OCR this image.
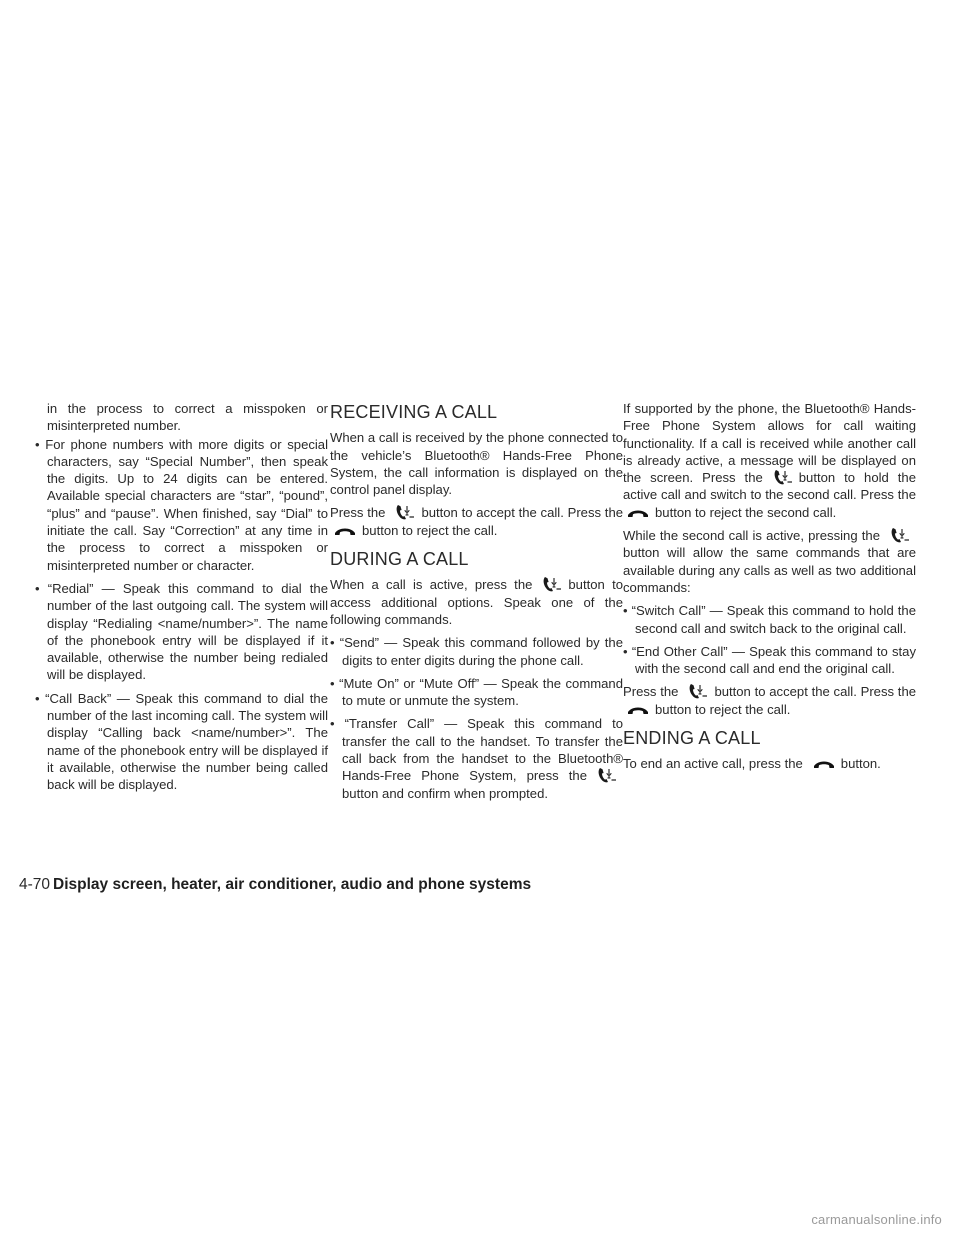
in the process to correct a misspoken or misinterpreted number.

• For phone numbers with more digits or special characters, say “Special Number”, then speak the digits. Up to 24 digits can be entered. Available special characters are “star”, “pound”, “plus” and “pause”. When finished, say “Dial” to initiate the call. Say “Correction” at any time in the process to correct a misspoken or misinterpreted number or character.

• “Redial” — Speak this command to dial the number of the last outgoing call. The system will display “Redialing <name/number>”. The name of the phonebook entry will be displayed if it available, otherwise the number being redialed will be displayed.

• “Call Back” — Speak this command to dial the number of the last incoming call. The system will display “Calling back <name/number>”. The name of the phonebook entry will be displayed if it available, otherwise the number being called back will be displayed.

RECEIVING A CALL

When a call is received by the phone connected to the vehicle’s Bluetooth® Hands-Free Phone System, the call information is displayed on the control panel display.

Press the	button to accept the call. Press the
button to reject the call.

DURING A CALL

When a call is active, press the	button to access additional options. Speak one of the following commands.

• “Send” — Speak this command followed by the digits to enter digits during the phone call.

• “Mute On” or “Mute Off” — Speak the command to mute or unmute the system.

• “Transfer Call” — Speak this command to transfer the call to the handset. To transfer the call back from the handset to the Bluetooth® Hands-Free Phone System, press the
button and confirm when prompted.

If supported by the phone, the Bluetooth® Hands-Free Phone System allows for call waiting functionality. If a call is received while another call is already active, a message will be displayed on the screen. Press the	button to hold the active call and switch to the second call. Press the
button to reject the second call.

While the second call is active, pressing the
button will allow the same commands that are available during any calls as well as two additional commands:

• “Switch Call” — Speak this command to hold the second call and switch back to the original call.

• “End Other Call” — Speak this command to stay with the second call and end the original call.

Press the	button to accept the call. Press the
button to reject the call.

ENDING A CALL

To end an active call, press the	button.

4-70 Display screen, heater, air conditioner, audio and phone systems
carmanualsonline.info
